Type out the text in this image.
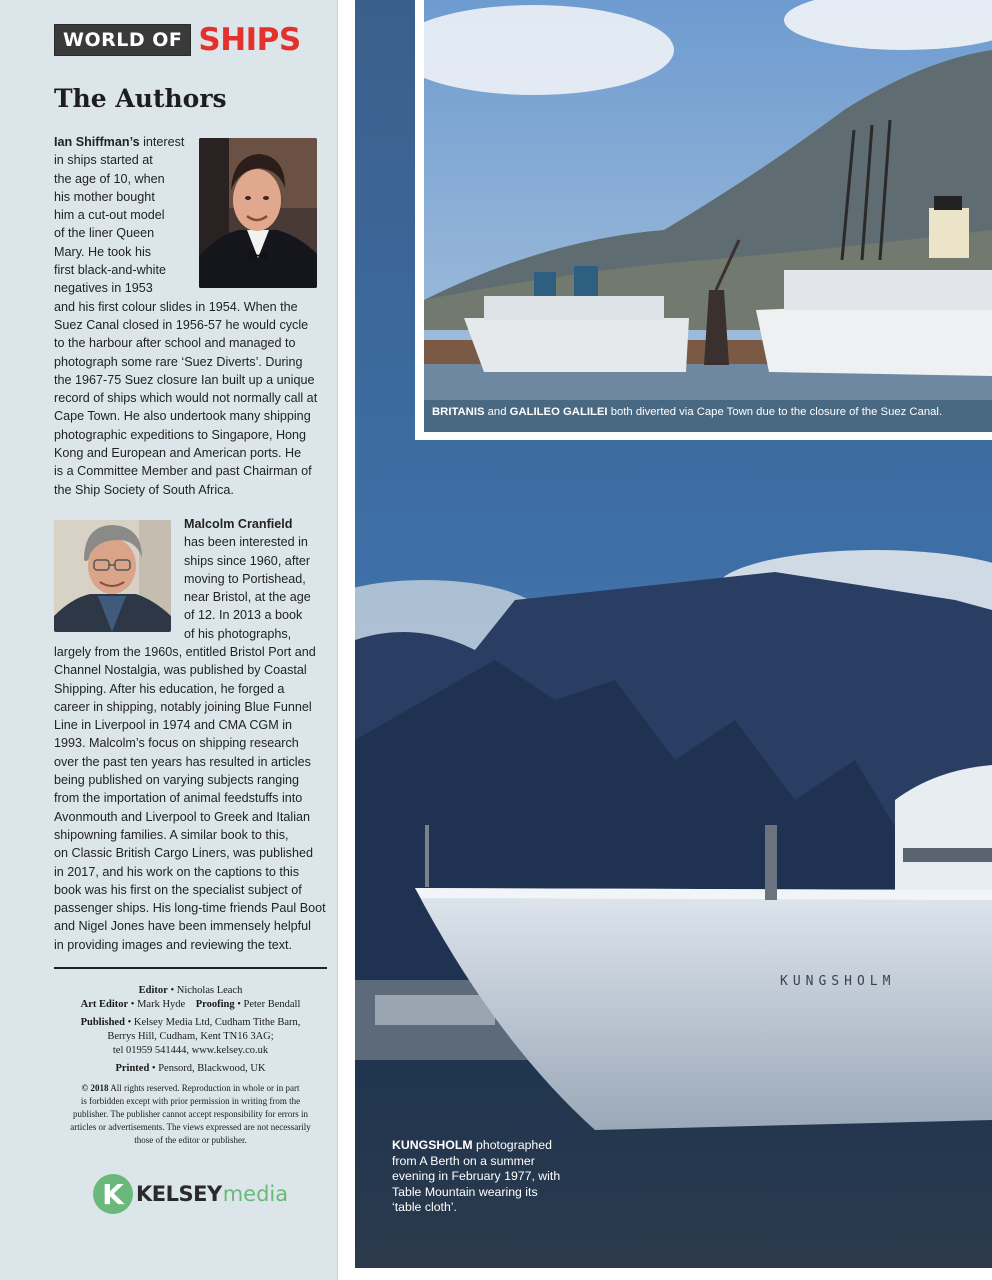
WORLD OF SHIPS
The Authors
Ian Shiffman’s interest
in ships started at
the age of 10, when
his mother bought
him a cut-out model
of the liner Queen
Mary. He took his
first black-and-white
negatives in 1953
and his first colour slides in 1954. When the
Suez Canal closed in 1956-57 he would cycle
to the harbour after school and managed to
photograph some rare ‘Suez Diverts’. During
the 1967-75 Suez closure Ian built up a unique
record of ships which would not normally call at
Cape Town. He also undertook many shipping
photographic expeditions to Singapore, Hong
Kong and European and American ports. He
is a Committee Member and past Chairman of
the Ship Society of South Africa.
Malcolm Cranfield
has been interested in
ships since 1960, after
moving to Portishead,
near Bristol, at the age
of 12. In 2013 a book
of his photographs,
largely from the 1960s, entitled Bristol Port and
Channel Nostalgia, was published by Coastal
Shipping. After his education, he forged a
career in shipping, notably joining Blue Funnel
Line in Liverpool in 1974 and CMA CGM in
1993. Malcolm’s focus on shipping research
over the past ten years has resulted in articles
being published on varying subjects ranging
from the importation of animal feedstuffs into
Avonmouth and Liverpool to Greek and Italian
shipowning families. A similar book to this,
on Classic British Cargo Liners, was published
in 2017, and his work on the captions to this
book was his first on the specialist subject of
passenger ships. His long-time friends Paul Boot
and Nigel Jones have been immensely helpful
in providing images and reviewing the text.
Editor • Nicholas Leach
Art Editor • Mark Hyde Proofing • Peter Bendall
Published • Kelsey Media Ltd, Cudham Tithe Barn,
Berrys Hill, Cudham, Kent TN16 3AG;
tel 01959 541444, www.kelsey.co.uk
Printed • Pensord, Blackwood, UK
© 2018 All rights reserved. Reproduction in whole or in part
is forbidden except with prior permission in writing from the
publisher. The publisher cannot accept responsibility for errors in
articles or advertisements. The views expressed are not necessarily
those of the editor or publisher.
K KELSEY media
KUNGSHOLM
BRITANIS and GALILEO GALILEI both diverted via Cape Town due to the closure of the Suez Canal.
KUNGSHOLM photographed
from A Berth on a summer
evening in February 1977, with
Table Mountain wearing its
‘table cloth’.
